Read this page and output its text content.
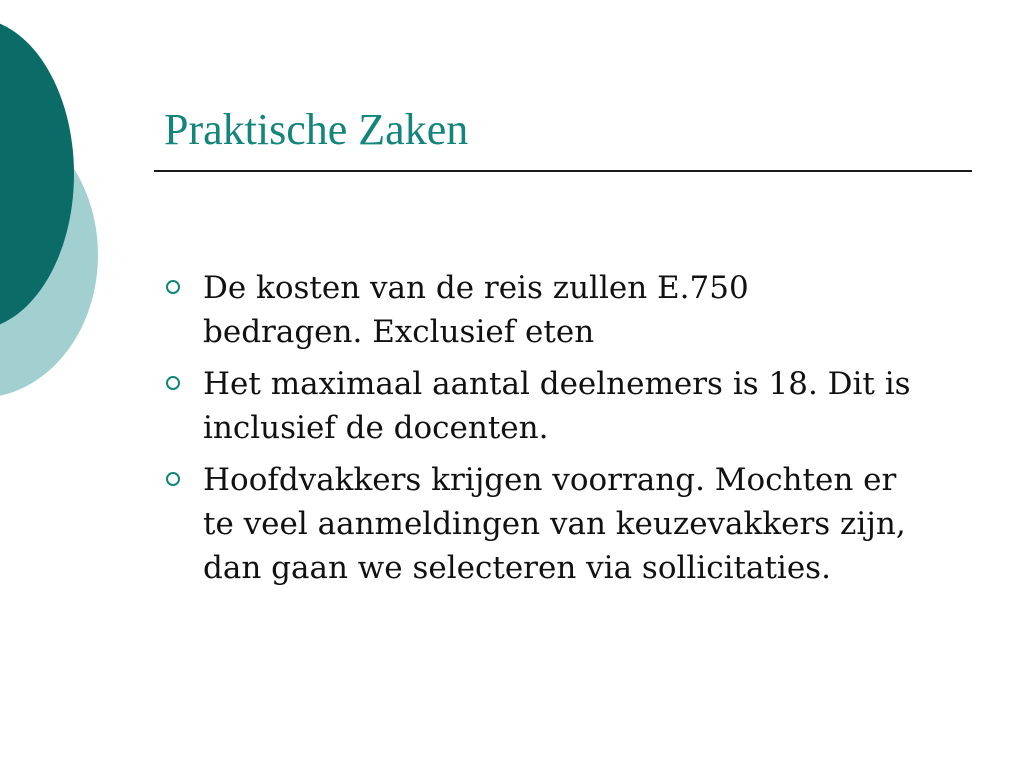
Praktische Zaken
De kosten van de reis zullen E.750
bedragen. Exclusief eten
Het maximaal aantal deelnemers is 18. Dit is
inclusief de docenten.
Hoofdvakkers krijgen voorrang. Mochten er
te veel aanmeldingen van keuzevakkers zijn,
dan gaan we selecteren via sollicitaties.
